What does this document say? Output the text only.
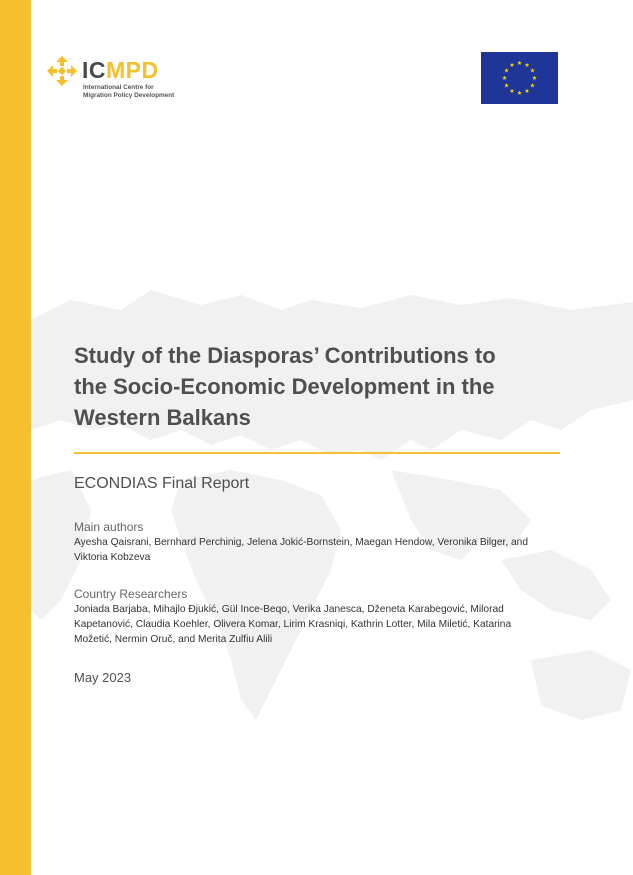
ICMPD
International Centre for
Migration Policy Development
Study of the Diasporas’ Contributions to
the Socio-Economic Development in the
Western Balkans
ECONDIAS Final Report
Main authors
Ayesha Qaisrani, Bernhard Perchinig, Jelena Jokić-Bornstein, Maegan Hendow, Veronika Bilger, and
Viktoria Kobzeva
Country Researchers
Joniada Barjaba, Mihajlo Đjukić, Gül Ince-Beqo, Verika Janesca, Dženeta Karabegović, Milorad
Kapetanović, Claudia Koehler, Olivera Komar, Lirim Krasniqi, Kathrin Lotter, Mila Miletić, Katarina
Možetić, Nermin Oruč, and Merita Zulfiu Alili
May 2023
